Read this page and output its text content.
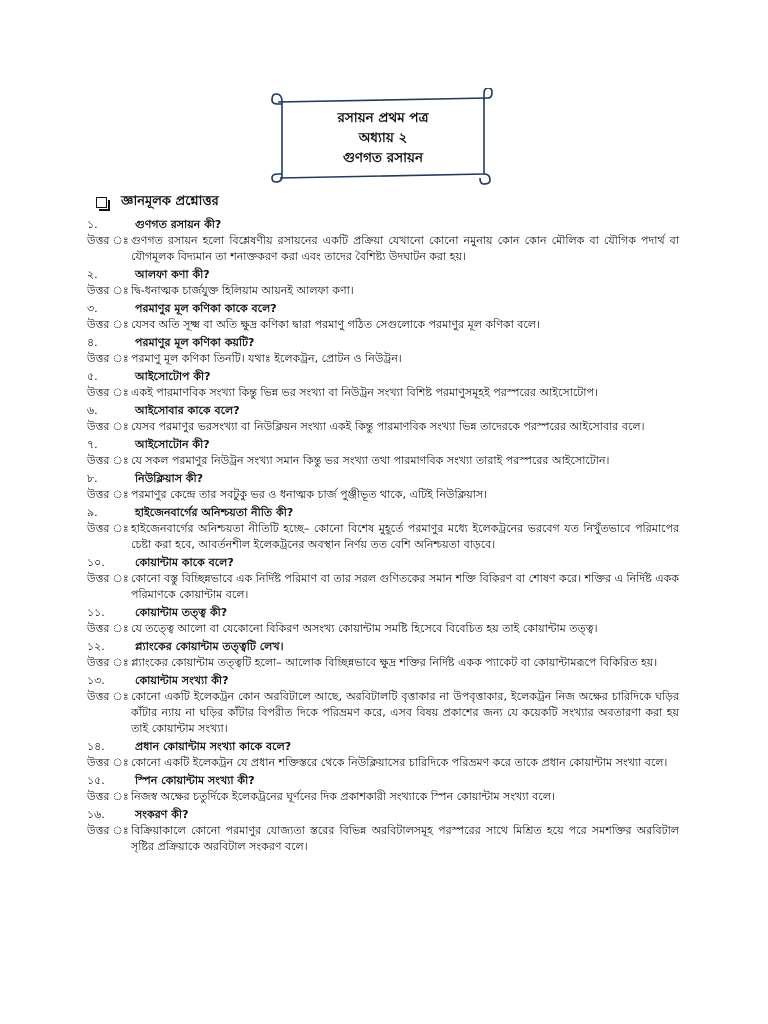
রসায়ন প্রথম পত্র
অধ্যায় ২
গুণগত রসায়ন
জ্ঞানমূলক প্রশ্নোত্তর
১.	গুণগত রসায়ন কী?
উত্তর ঃ গুণগত রসায়ন হলো বিশ্লেষণীয় রসায়নের একটি প্রক্রিয়া যেখানো কোনো নমুনায় কোন কোন মৌলিক বা যৌগিক পদার্থ বা যৌগমূলক বিদ্যমান তা শনাক্তকরণ করা এবং তাদের বৈশিষ্ট্য উদঘাটন করা হয়।
২.	আলফা কণা কী?
উত্তর ঃ দ্বি-ধনাত্মক চার্জযুক্ত হিলিয়াম আয়নই আলফা কণা।
৩.	পরমাণুর মূল কণিকা কাকে বলে?
উত্তর ঃ যেসব অতি সূক্ষ্ম বা অতি ক্ষুদ্র কণিকা দ্বারা পরমাণু গঠিত সেগুলোকে পরমাণুর মূল কণিকা বলে।
৪.	পরমাণুর মূল কণিকা কয়টি?
উত্তর ঃ পরমাণু মূল কণিকা তিনটি। যথাঃ ইলেকট্রন, প্রোটন ও নিউট্রন।
৫.	আইসোটোপ কী?
উত্তর ঃ একই পারমাণবিক সংখ্যা কিন্তু ভিন্ন ভর সংখ্যা বা নিউট্রন সংখ্যা বিশিষ্ট পরমাণুসমূহই পরস্পরের আইসোটোপ।
৬.	আইসোবার কাকে বলে?
উত্তর ঃ যেসব পরমাণুর ভরসংখ্যা বা নিউক্লিয়ন সংখ্যা একই কিন্তু পারমাণবিক সংখ্যা ভিন্ন তাদেরকে পরস্পরের আইসোবার বলে।
৭.	আইসোটোন কী?
উত্তর ঃ যে সকল পরমাণুর নিউট্রন সংখ্যা সমান কিন্তু ভর সংখ্যা তথা পারমাণবিক সংখ্যা তারাই পরস্পরের আইসোটোন।
৮.	নিউক্লিয়াস কী?
উত্তর ঃ পরমাণুর কেন্দ্রে তার সবটুকু ভর ও ধনাত্মক চার্জ পুঞ্জীভূত থাকে, এটিই নিউক্লিয়াস।
৯.	হাইজেনবার্গের অনিশ্চয়তা নীতি কী?
উত্তর ঃ হাইজেনবার্গের অনিশ্চয়তা নীতিটি হচ্ছে– কোনো বিশেষ মুহূর্তে পরমাণুর মধ্যে ইলেকট্রনের ভরবেগ যত নিখুঁতভাবে পরিমাপের চেষ্টা করা হবে, আবর্তনশীল ইলেকট্রনের অবস্থান নির্ণয় তত বেশি অনিশ্চয়তা বাড়বে।
১০.	কোয়ান্টাম কাকে বলে?
উত্তর ঃ কোনো বস্তু বিচ্ছিন্নভাবে এক নির্দিষ্ট পরিমাণ বা তার সরল গুণিতকের সমান শক্তি বিকিরণ বা শোষণ করে। শক্তির এ নির্দিষ্ট একক পরিমাণকে কোয়ান্টাম বলে।
১১.	কোয়ান্টাম তত্ত্ব কী?
উত্তর ঃ যে তত্ত্বে আলো বা যেকোনো বিকিরণ অসংখ্য কোয়ান্টাম সমষ্টি হিসেবে বিবেচিত হয় তাই কোয়ান্টাম তত্ত্ব।
১২.	প্ল্যাংকের কোয়ান্টাম তত্ত্বটি লেখ।
উত্তর ঃ প্ল্যাংকের কোয়ান্টাম তত্ত্বটি হলো– আলোক বিচ্ছিন্নভাবে ক্ষুদ্র শক্তির নির্দিষ্ট একক প্যাকেট বা কোয়ান্টামরূপে বিকিরিত হয়।
১৩.	কোয়ান্টাম সংখ্যা কী?
উত্তর ঃ কোনো একটি ইলেকট্রন কোন অরবিটালে আছে, অরবিটালটি বৃত্তাকার না উপবৃত্তাকার, ইলেকট্রন নিজ অক্ষের চারিদিকে ঘড়ির কাঁটার ন্যায় না ঘড়ির কাঁটার বিপরীত দিকে পরিভ্রমণ করে, এসব বিষয় প্রকাশের জন্য যে কয়েকটি সংখ্যার অবতারণা করা হয় তাই কোয়ান্টাম সংখ্যা।
১৪.	প্রধান কোয়ান্টাম সংখ্যা কাকে বলে?
উত্তর ঃ কোনো একটি ইলেকট্রন যে প্রধান শক্তিস্তরে থেকে নিউক্লিয়াসের চারিদিকে পরিভ্রমণ করে তাকে প্রধান কোয়ান্টাম সংখ্যা বলে।
১৫.	স্পিন কোয়ান্টাম সংখ্যা কী?
উত্তর ঃ নিজস্ব অক্ষের চতুর্দিকে ইলেকট্রনের ঘূর্ণনের দিক প্রকাশকারী সংখ্যাকে স্পিন কোয়ান্টাম সংখ্যা বলে।
১৬.	সংকরণ কী?
উত্তর ঃ বিক্রিয়াকালে কোনো পরমাণুর যোজ্যতা স্তরের বিভিন্ন অরবিটালসমূহ পরস্পরের সাথে মিশ্রিত হয়ে পরে সমশক্তির অরবিটাল সৃষ্টির প্রক্রিয়াকে অরবিটাল সংকরণ বলে।
